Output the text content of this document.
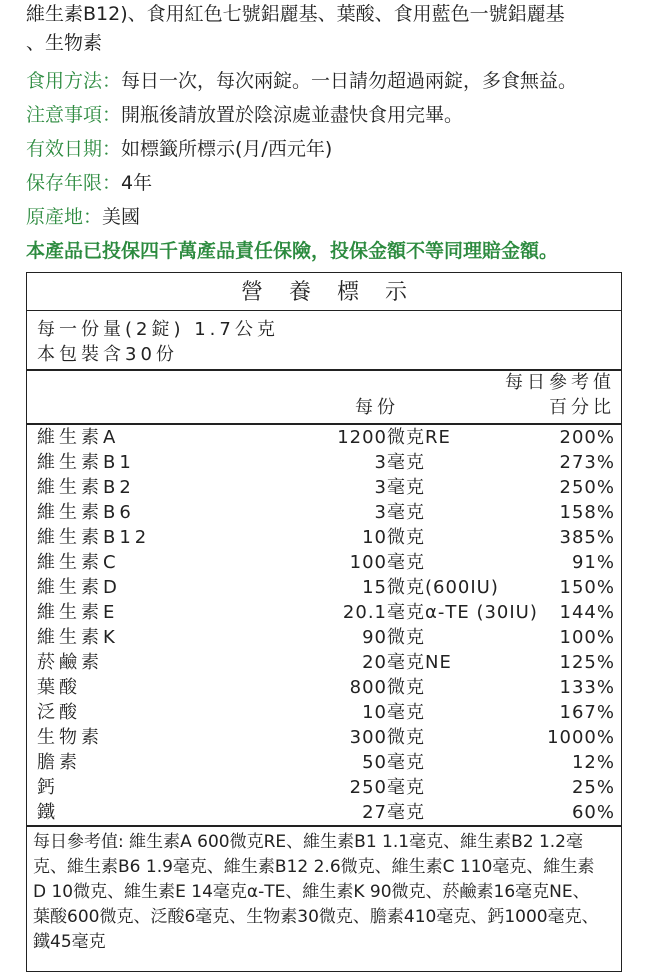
維生素B12)、食用紅色七號鋁麗基、葉酸、食用藍色一號鋁麗基
、生物素
食用方法：每日一次，每次兩錠。一日請勿超過兩錠，多食無益。
注意事項：開瓶後請放置於陰涼處並盡快食用完畢。
有效日期：如標籤所標示(月/西元年)
保存年限：4年
原產地：美國
本產品已投保四千萬產品責任保險，投保金額不等同理賠金額。
營養標示
每一份量(2錠) 1.7公克
本包裝含30份
每日參考值
百分比
每份
維生素A	1200微克RE	200%
維生素B1	3毫克	273%
維生素B2	3毫克	250%
維生素B6	3毫克	158%
維生素B12	10微克	385%
維生素C	100毫克	91%
維生素D	15微克(600IU)	150%
維生素E	20.1毫克α-TE (30IU) 144%
維生素K	90微克	100%
菸鹼素	20毫克NE	125%
葉酸	800微克	133%
泛酸	10毫克	167%
生物素	300微克	1000%
膽素	50毫克	12%
鈣	250毫克	25%
鐵	27毫克	60%
每日參考值: 維生素A 600微克RE、維生素B1 1.1毫克、維生素B2 1.2毫
克、維生素B6 1.9毫克、維生素B12 2.6微克、維生素C 110毫克、維生素
D 10微克、維生素E 14毫克α-TE、維生素K 90微克、菸鹼素16毫克NE、
葉酸600微克、泛酸6毫克、生物素30微克、膽素410毫克、鈣1000毫克、
鐵45毫克
